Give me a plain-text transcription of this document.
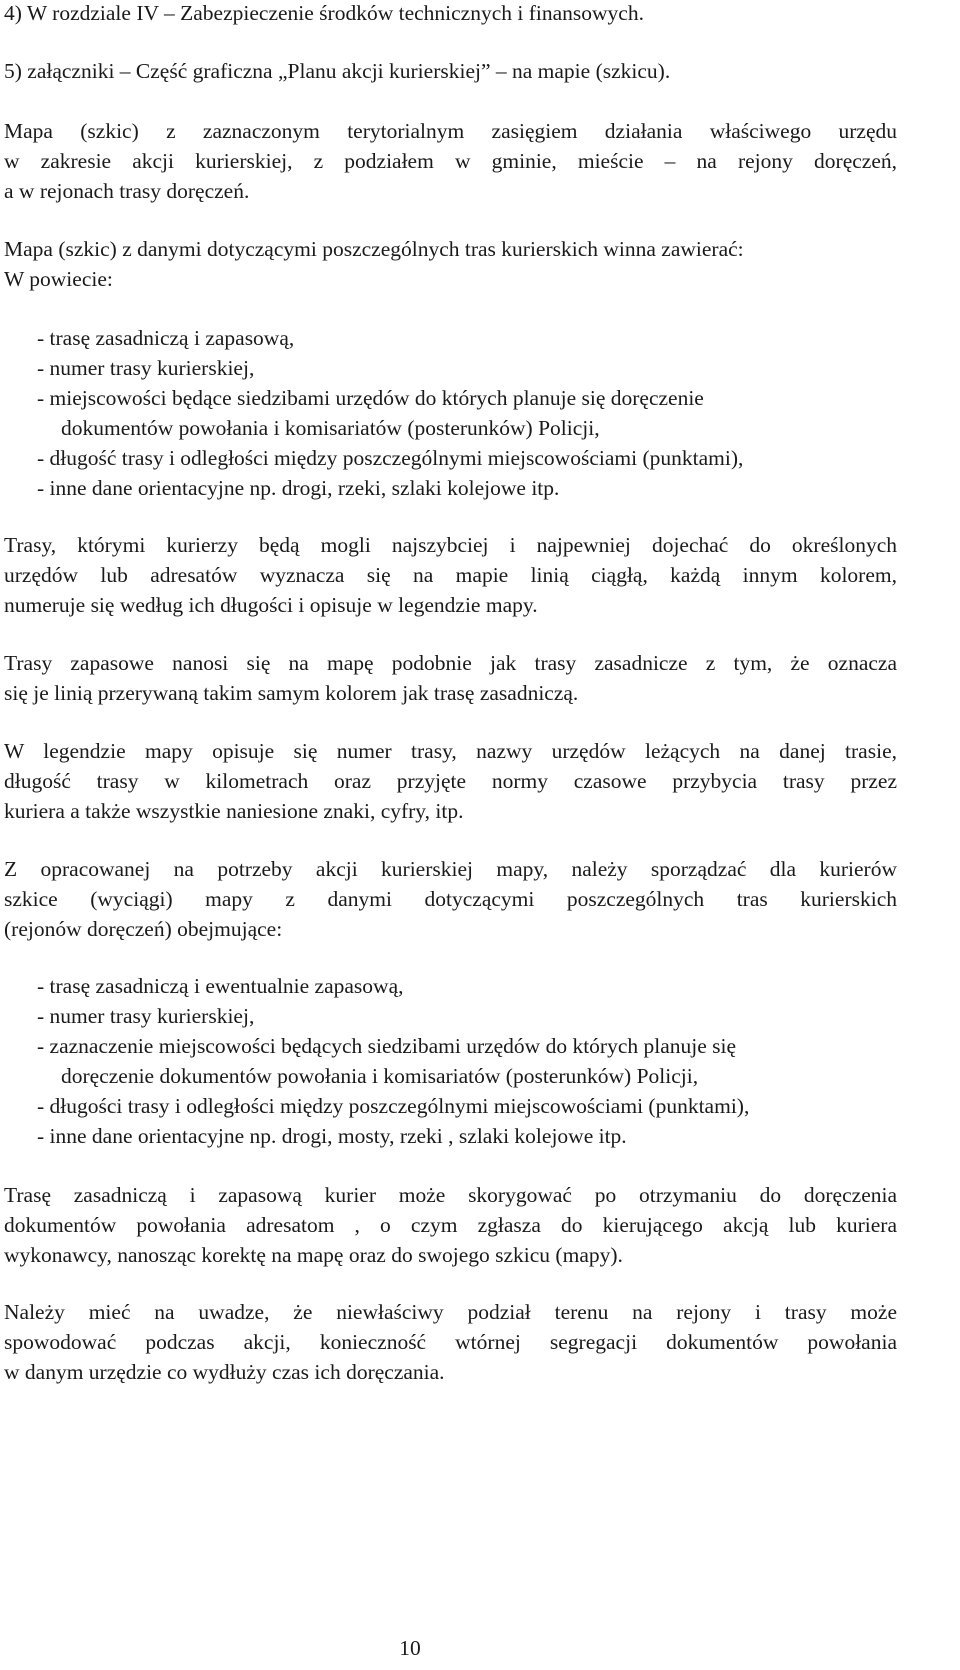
4) W rozdziale IV – Zabezpieczenie środków technicznych i finansowych.

5) załączniki – Część graficzna „Planu akcji kurierskiej” – na mapie (szkicu).

Mapa (szkic) z zaznaczonym terytorialnym zasięgiem działania właściwego urzędu
w zakresie akcji kurierskiej, z podziałem w gminie, mieście – na rejony doręczeń,
a w rejonach trasy doręczeń.

Mapa (szkic) z danymi dotyczącymi poszczególnych tras kurierskich winna zawierać:
W powiecie:

- trasę zasadniczą i zapasową,
- numer trasy kurierskiej,
- miejscowości będące siedzibami urzędów do których planuje się doręczenie
dokumentów powołania i komisariatów (posterunków) Policji,
- długość trasy i odległości między poszczególnymi miejscowościami (punktami),
- inne dane orientacyjne np. drogi, rzeki, szlaki kolejowe itp.

Trasy, którymi kurierzy będą mogli najszybciej i najpewniej dojechać do określonych
urzędów lub adresatów wyznacza się na mapie linią ciągłą, każdą innym kolorem,
numeruje się według ich długości i opisuje w legendzie mapy.

Trasy zapasowe nanosi się na mapę podobnie jak trasy zasadnicze z tym, że oznacza
się je linią przerywaną takim samym kolorem jak trasę zasadniczą.

W legendzie mapy opisuje się numer trasy, nazwy urzędów leżących na danej trasie,
długość trasy w kilometrach oraz przyjęte normy czasowe przybycia trasy przez
kuriera a także wszystkie naniesione znaki, cyfry, itp.

Z opracowanej na potrzeby akcji kurierskiej mapy, należy sporządzać dla kurierów
szkice (wyciągi) mapy z danymi dotyczącymi poszczególnych tras kurierskich
(rejonów doręczeń) obejmujące:

- trasę zasadniczą i ewentualnie zapasową,
- numer trasy kurierskiej,
- zaznaczenie miejscowości będących siedzibami urzędów do których planuje się
doręczenie dokumentów powołania i komisariatów (posterunków) Policji,
- długości trasy i odległości między poszczególnymi miejscowościami (punktami),
- inne dane orientacyjne np. drogi, mosty, rzeki , szlaki kolejowe itp.

Trasę zasadniczą i zapasową kurier może skorygować po otrzymaniu do doręczenia
dokumentów powołania adresatom , o czym zgłasza do kierującego akcją lub kuriera
wykonawcy, nanosząc korektę na mapę oraz do swojego szkicu (mapy).

Należy mieć na uwadze, że niewłaściwy podział terenu na rejony i trasy może
spowodować podczas akcji, konieczność wtórnej segregacji dokumentów powołania
w danym urzędzie co wydłuży czas ich doręczania.

10
